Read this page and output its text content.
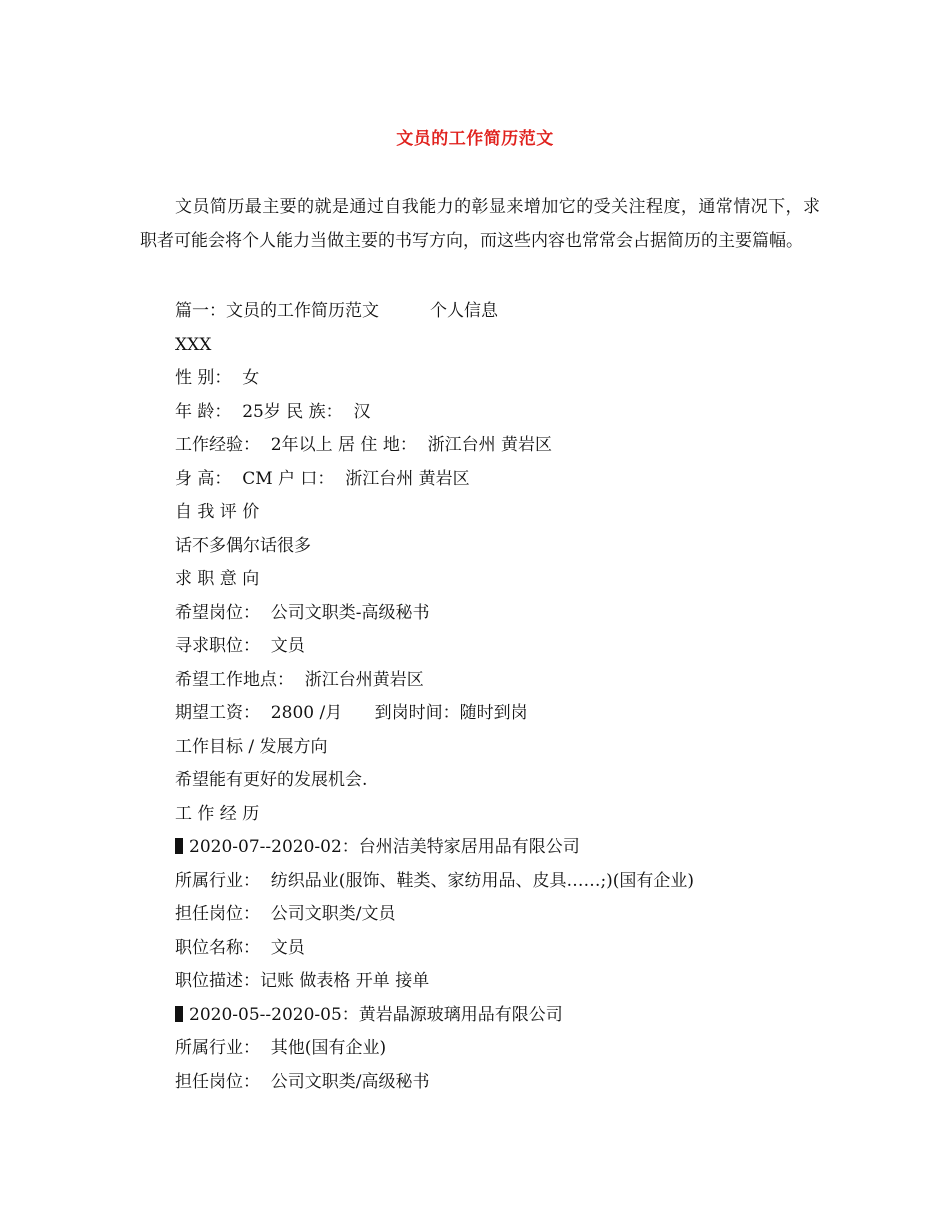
文员的工作简历范文

文员简历最主要的就是通过自我能力的彰显来增加它的受关注程度，通常情况下，求职者可能会将个人能力当做主要的书写方向，而这些内容也常常会占据简历的主要篇幅。

篇一：文员的工作简历范文　　　个人信息
XXX
性 别：  女
年 龄：  25岁 民 族：  汉
工作经验：  2年以上 居 住 地：  浙江台州 黄岩区
身 高：  CM 户 口：  浙江台州 黄岩区
自 我 评 价
话不多偶尔话很多
求 职 意 向
希望岗位：  公司文职类-高级秘书
寻求职位：  文员
希望工作地点：  浙江台州黄岩区
期望工资：  2800 /月      到岗时间：随时到岗
工作目标 / 发展方向
希望能有更好的发展机会.
工 作 经 历
2020-07--2020-02：台州洁美特家居用品有限公司
所属行业：  纺织品业(服饰、鞋类、家纺用品、皮具……;)(国有企业)
担任岗位：  公司文职类/文员
职位名称：  文员
职位描述：记账 做表格 开单 接单
2020-05--2020-05：黄岩晶源玻璃用品有限公司
所属行业：  其他(国有企业)
担任岗位：  公司文职类/高级秘书
